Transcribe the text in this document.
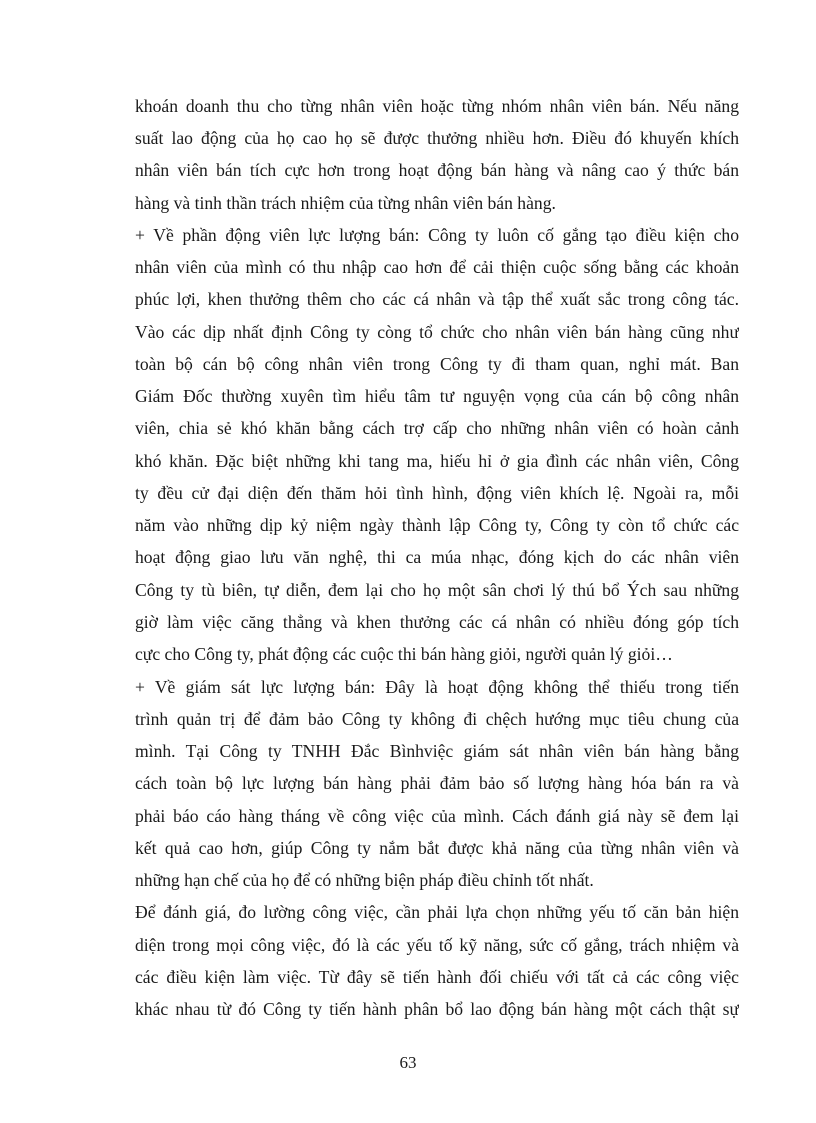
khoán doanh thu cho từng nhân viên hoặc từng nhóm nhân viên bán. Nếu năng
suất lao động của họ cao họ sẽ được thưởng nhiều hơn. Điều đó khuyến khích
nhân viên bán tích cực hơn trong hoạt động bán hàng và nâng cao ý thức bán
hàng và tinh thần trách nhiệm của từng nhân viên bán hàng.
+ Về phần động viên lực lượng bán: Công ty luôn cố gắng tạo điều kiện cho
nhân viên của mình có thu nhập cao hơn để cải thiện cuộc sống bằng các khoản
phúc lợi, khen thưởng thêm cho các cá nhân và tập thể xuất sắc trong công tác.
Vào các dịp nhất định Công ty còng tổ chức cho nhân viên bán hàng cũng như
toàn bộ cán bộ công nhân viên trong Công ty đi tham quan, nghỉ mát. Ban
Giám Đốc thường xuyên tìm hiểu tâm tư nguyện vọng của cán bộ công nhân
viên, chia sẻ khó khăn bằng cách trợ cấp cho những nhân viên có hoàn cảnh
khó khăn. Đặc biệt những khi tang ma, hiếu hỉ ở gia đình các nhân viên, Công
ty đều cử đại diện đến thăm hỏi tình hình, động viên khích lệ. Ngoài ra, mỗi
năm vào những dịp kỷ niệm ngày thành lập Công ty, Công ty còn tổ chức các
hoạt động giao lưu văn nghệ, thi ca múa nhạc, đóng kịch do các nhân viên
Công ty tù biên, tự diễn, đem lại cho họ một sân chơi lý thú bổ Ých sau những
giờ làm việc căng thẳng và khen thưởng các cá nhân có nhiều đóng góp tích
cực cho Công ty, phát động các cuộc thi bán hàng giỏi, người quản lý giỏi…
+ Về giám sát lực lượng bán: Đây là hoạt động không thể thiếu trong tiến
trình quản trị để đảm bảo Công ty không đi chệch hướng mục tiêu chung của
mình. Tại Công ty TNHH Đắc Bìnhviệc giám sát nhân viên bán hàng bằng
cách toàn bộ lực lượng bán hàng phải đảm bảo số lượng hàng hóa bán ra và
phải báo cáo hàng tháng về công việc của mình. Cách đánh giá này sẽ đem lại
kết quả cao hơn, giúp Công ty nắm bắt được khả năng của từng nhân viên và
những hạn chế của họ để có những biện pháp điều chỉnh tốt nhất.
Để đánh giá, đo lường công việc, cần phải lựa chọn những yếu tố căn bản hiện
diện trong mọi công việc, đó là các yếu tố kỹ năng, sức cố gắng, trách nhiệm và
các điều kiện làm việc. Từ đây sẽ tiến hành đối chiếu với tất cả các công việc
khác nhau từ đó Công ty tiến hành phân bổ lao động bán hàng một cách thật sự
63
